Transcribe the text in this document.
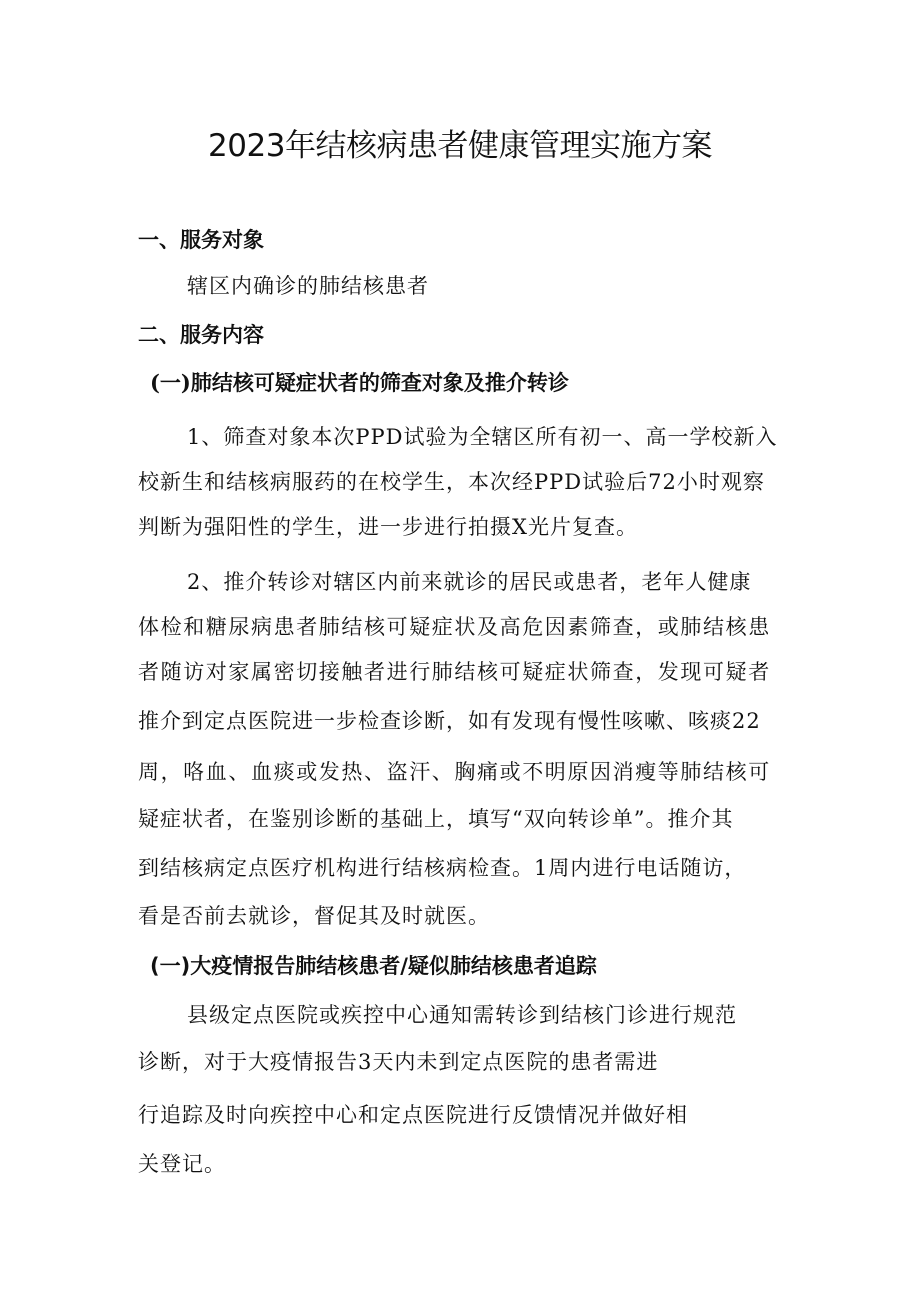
2023年结核病患者健康管理实施方案
一、服务对象

辖区内确诊的肺结核患者

二、服务内容
(一)肺结核可疑症状者的筛查对象及推介转诊

1、筛查对象本次PPD试验为全辖区所有初一、高一学校新入

校新生和结核病服药的在校学生，本次经PPD试验后72小时观察

判断为强阳性的学生，进一步进行拍摄X光片复查。

2、推介转诊对辖区内前来就诊的居民或患者，老年人健康

体检和糖尿病患者肺结核可疑症状及高危因素筛查，或肺结核患

者随访对家属密切接触者进行肺结核可疑症状筛查，发现可疑者

推介到定点医院进一步检查诊断，如有发现有慢性咳嗽、咳痰22

周，咯血、血痰或发热、盗汗、胸痛或不明原因消瘦等肺结核可

疑症状者，在鉴别诊断的基础上，填写“双向转诊单”。推介其

到结核病定点医疗机构进行结核病检查。1周内进行电话随访，

看是否前去就诊，督促其及时就医。

(一)大疫情报告肺结核患者/疑似肺结核患者追踪

县级定点医院或疾控中心通知需转诊到结核门诊进行规范

诊断，对于大疫情报告3天内未到定点医院的患者需进

行追踪及时向疾控中心和定点医院进行反馈情况并做好相

关登记。
